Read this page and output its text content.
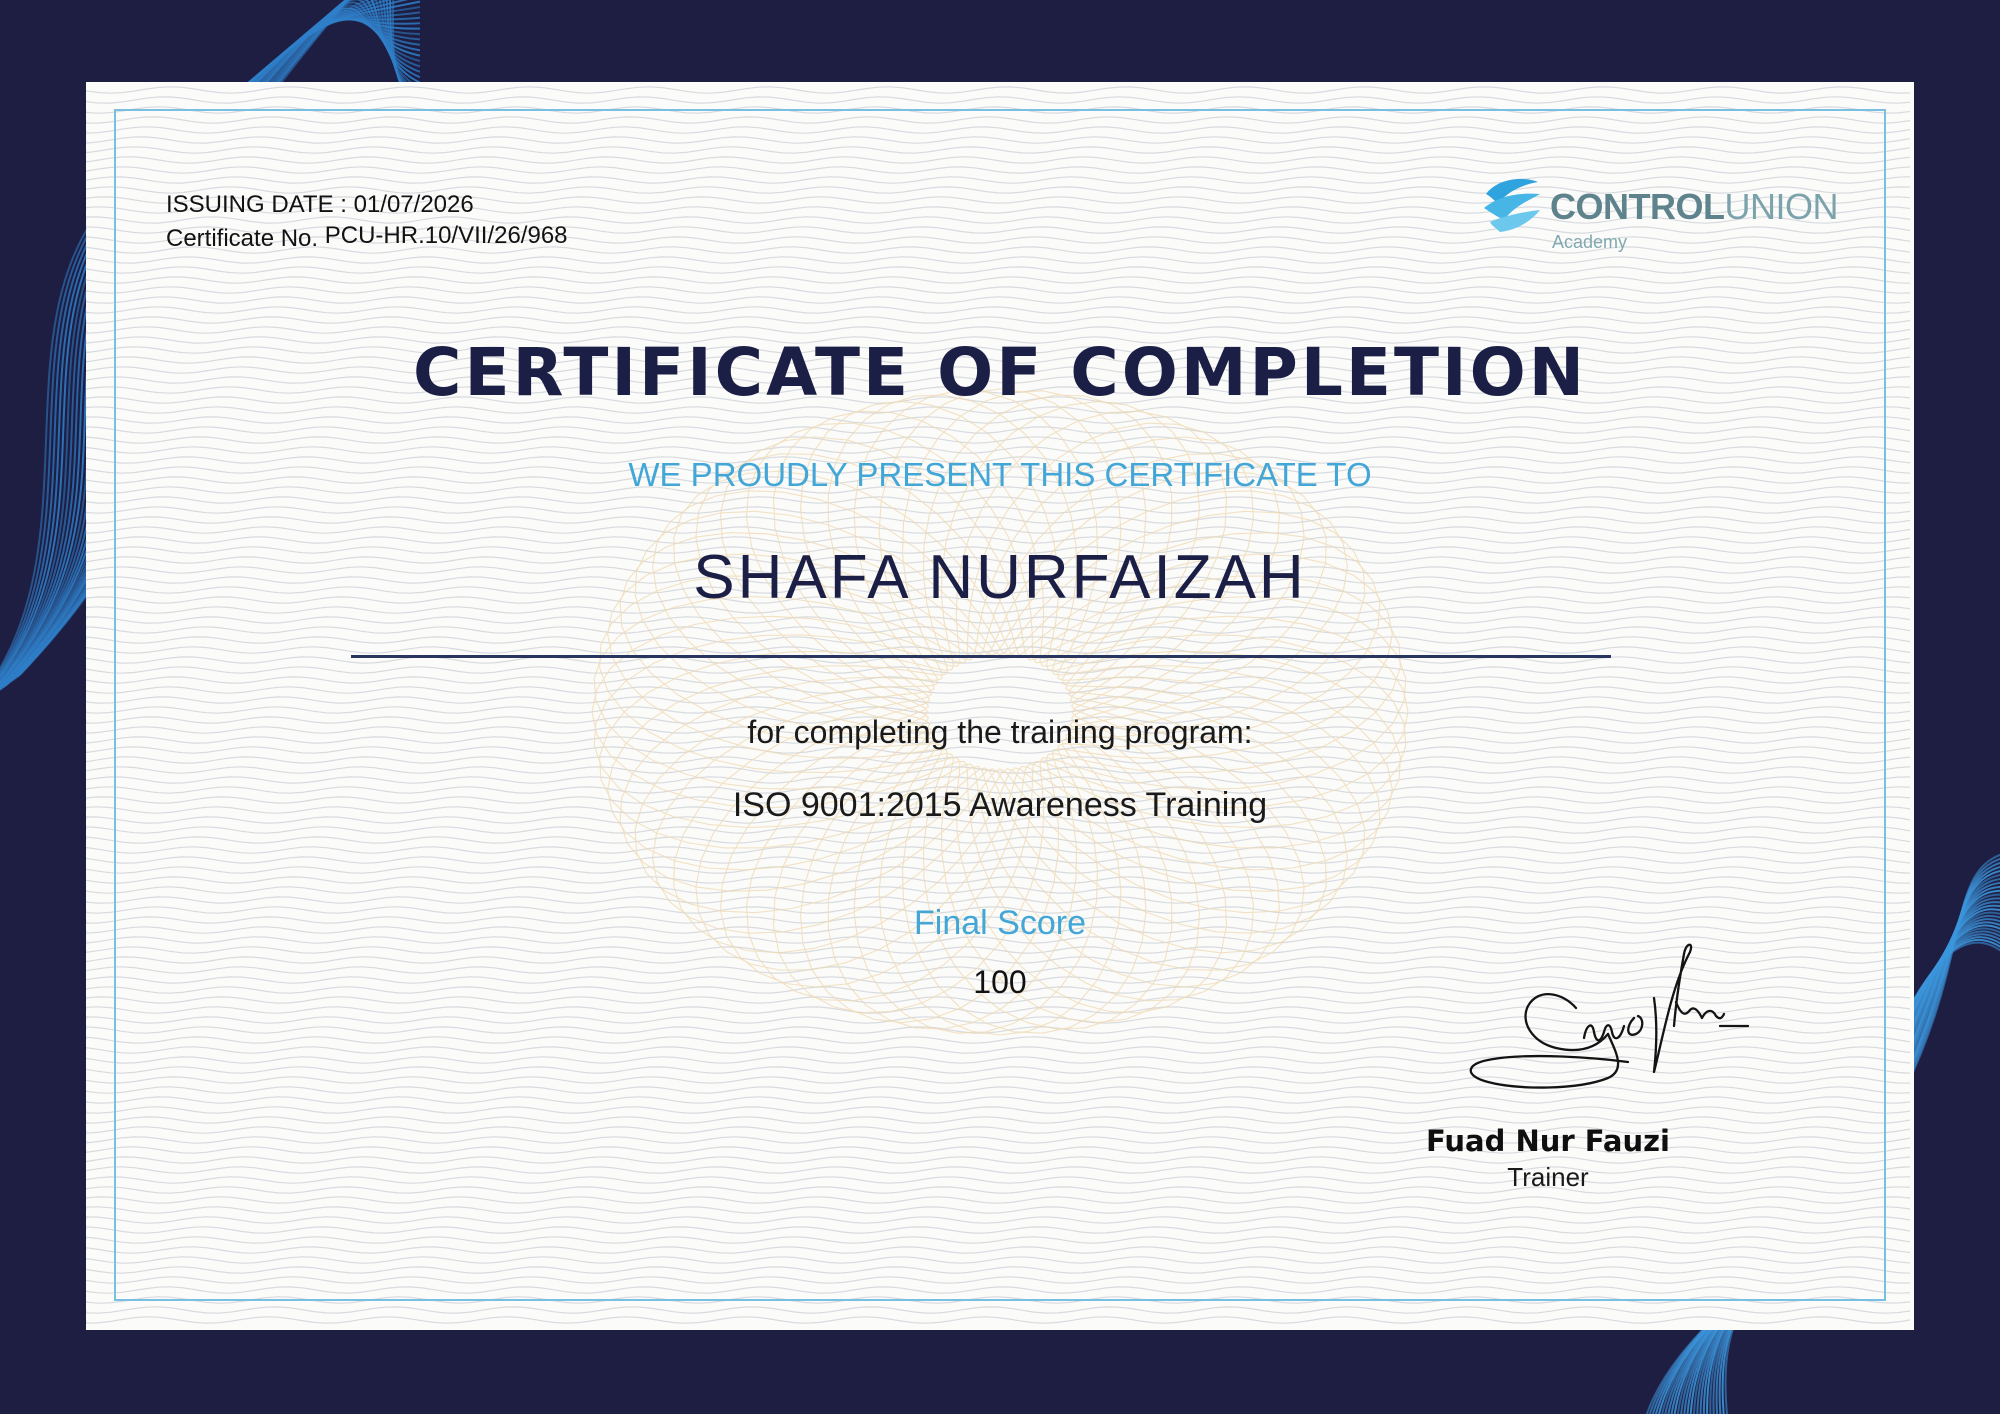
ISSUING DATE : 01/07/2026
Certificate No. PCU-HR.10/VII/26/968
CONTROLUNION
Academy
CERTIFICATE OF COMPLETION
WE PROUDLY PRESENT THIS CERTIFICATE TO
SHAFA NURFAIZAH
for completing the training program:
ISO 9001:2015 Awareness Training
Final Score
100
Fuad Nur Fauzi
Trainer
